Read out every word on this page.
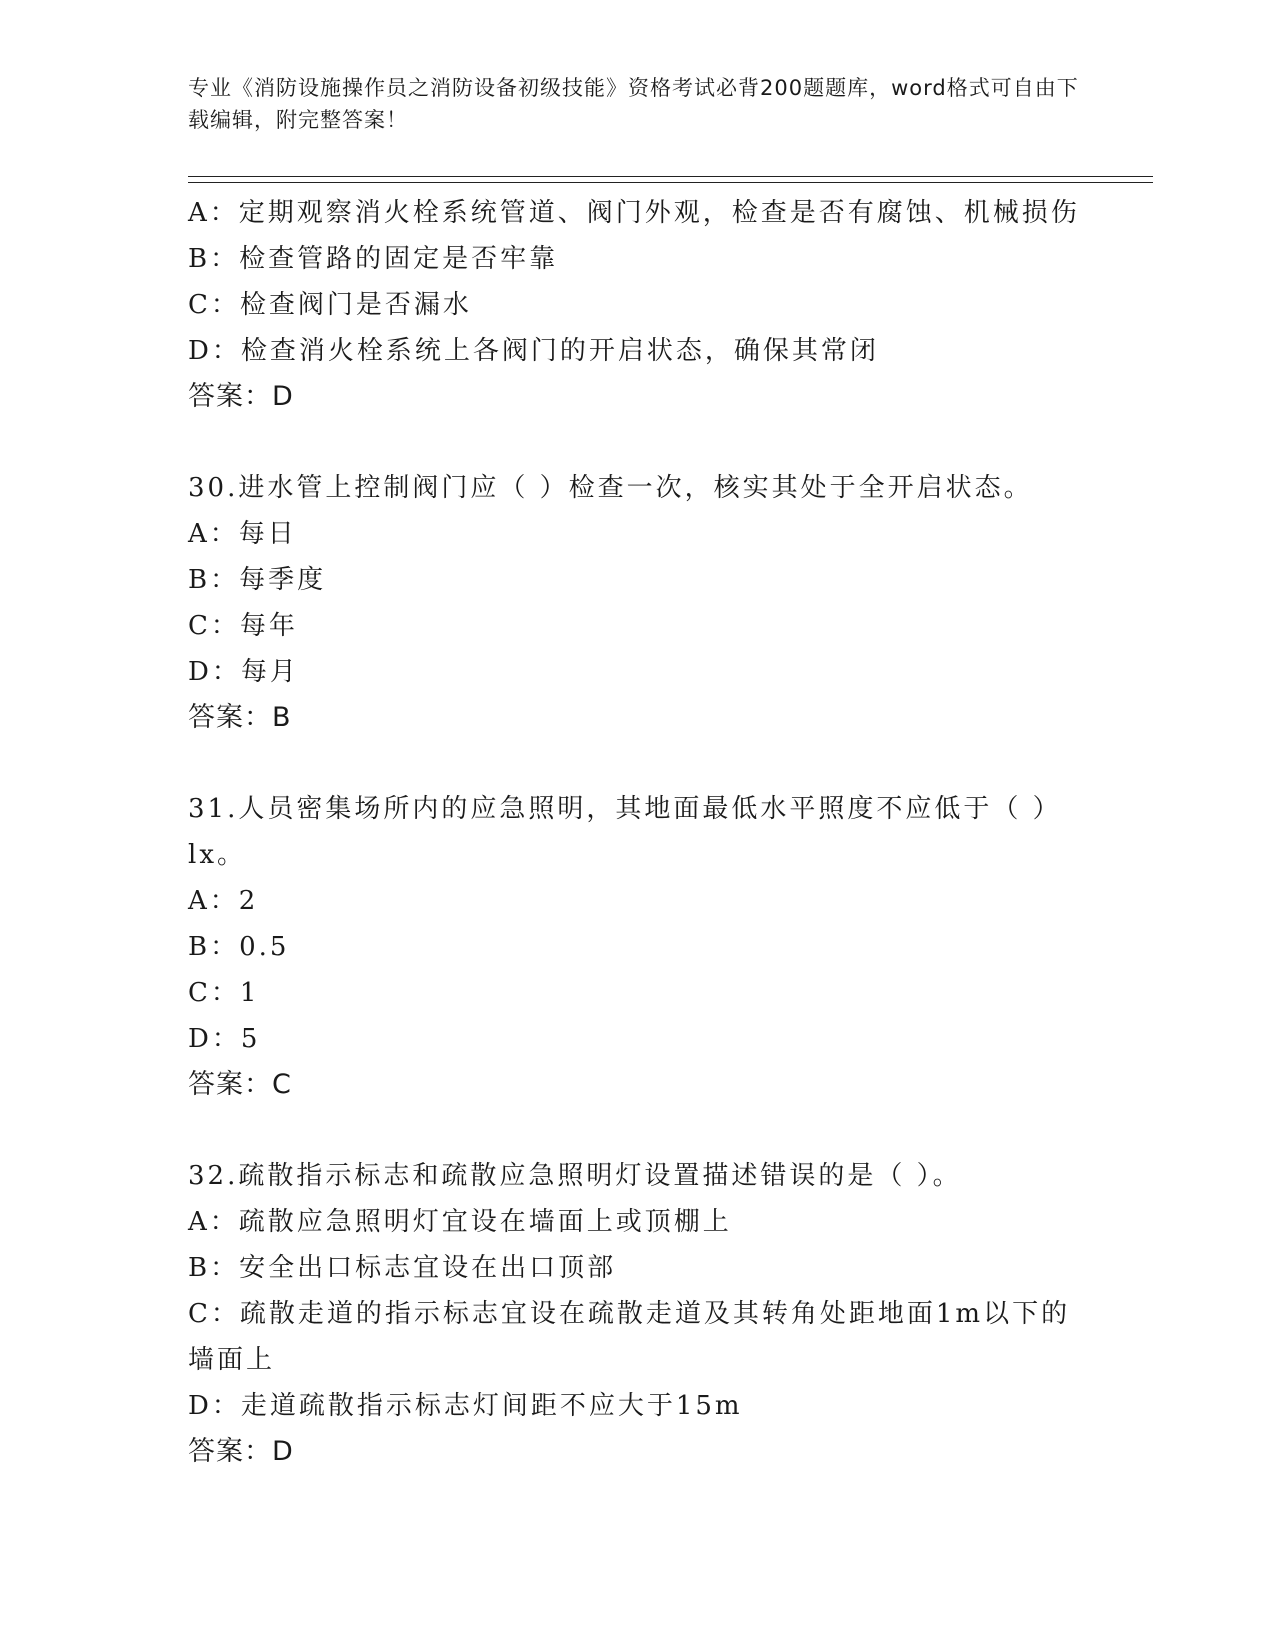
专业《消防设施操作员之消防设备初级技能》资格考试必背200题题库，word格式可自由下载编辑，附完整答案！
A：定期观察消火栓系统管道、阀门外观，检查是否有腐蚀、机械损伤
B：检查管路的固定是否牢靠
C：检查阀门是否漏水
D：检查消火栓系统上各阀门的开启状态，确保其常闭
答案：D
30.进水管上控制阀门应（ ）检查一次，核实其处于全开启状态。
A：每日
B：每季度
C：每年
D：每月
答案：B
31.人员密集场所内的应急照明，其地面最低水平照度不应低于（ ）lx。
A：2
B：0.5
C：1
D：5
答案：C
32.疏散指示标志和疏散应急照明灯设置描述错误的是（ ）。
A：疏散应急照明灯宜设在墙面上或顶棚上
B：安全出口标志宜设在出口顶部
C：疏散走道的指示标志宜设在疏散走道及其转角处距地面1m以下的墙面上
D：走道疏散指示标志灯间距不应大于15m
答案：D
